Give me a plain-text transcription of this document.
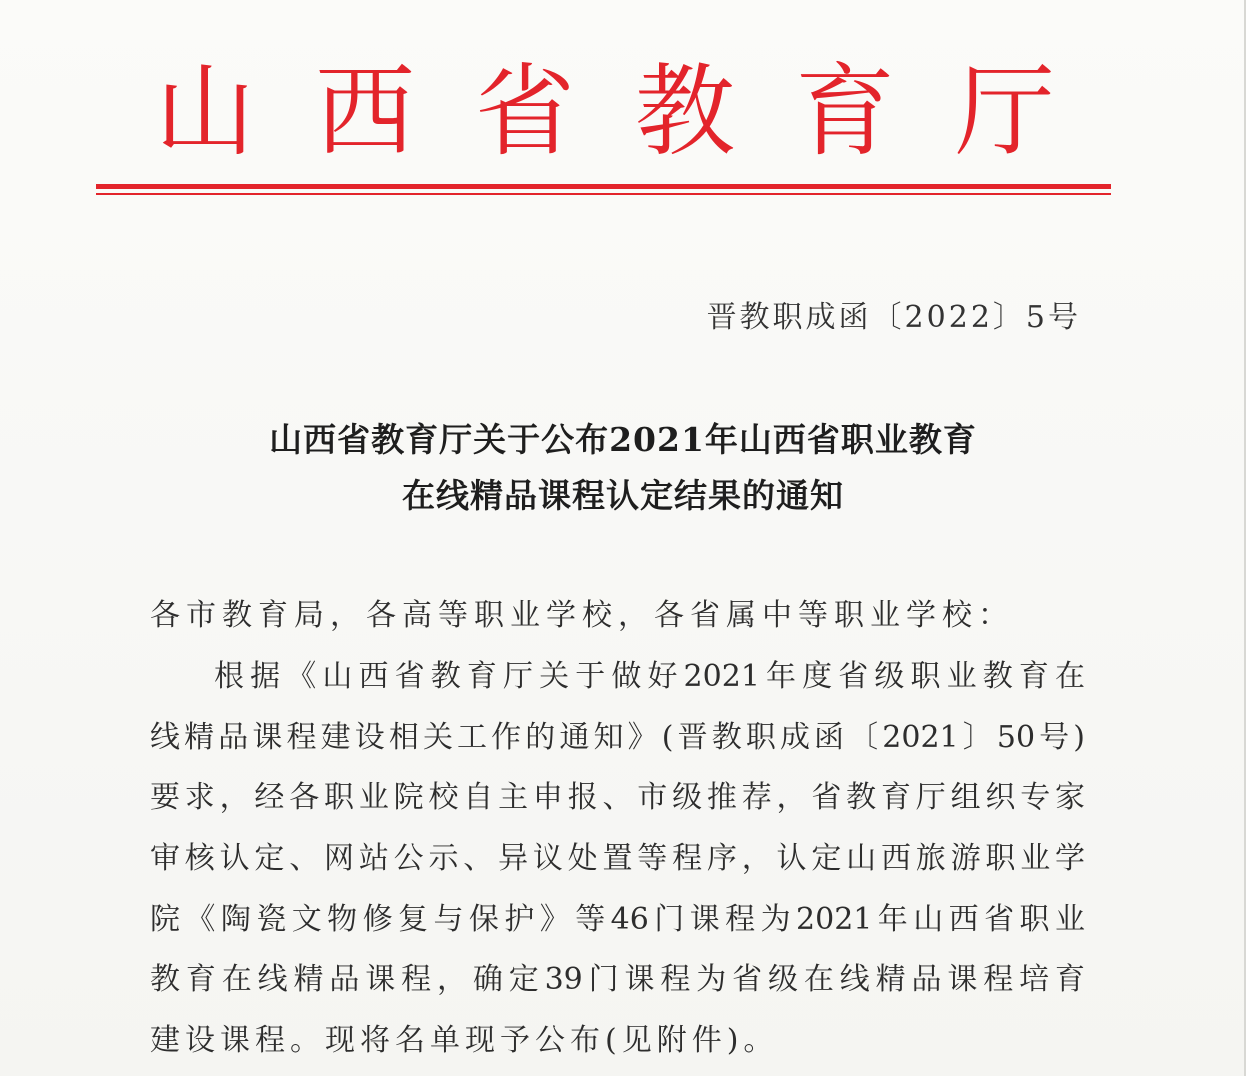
山 西 省 教 育 厅
晋教职成函〔2022〕5号
山西省教育厅关于公布2021年山西省职业教育
在线精品课程认定结果的通知
各市教育局，各高等职业学校，各省属中等职业学校：
根据《山西省教育厅关于做好2021年度省级职业教育在
线精品课程建设相关工作的通知》(晋教职成函〔2021〕50号)
要求，经各职业院校自主申报、市级推荐，省教育厅组织专家
审核认定、网站公示、异议处置等程序，认定山西旅游职业学
院《陶瓷文物修复与保护》等46门课程为2021年山西省职业
教育在线精品课程，确定39门课程为省级在线精品课程培育
建设课程。现将名单现予公布(见附件)。
